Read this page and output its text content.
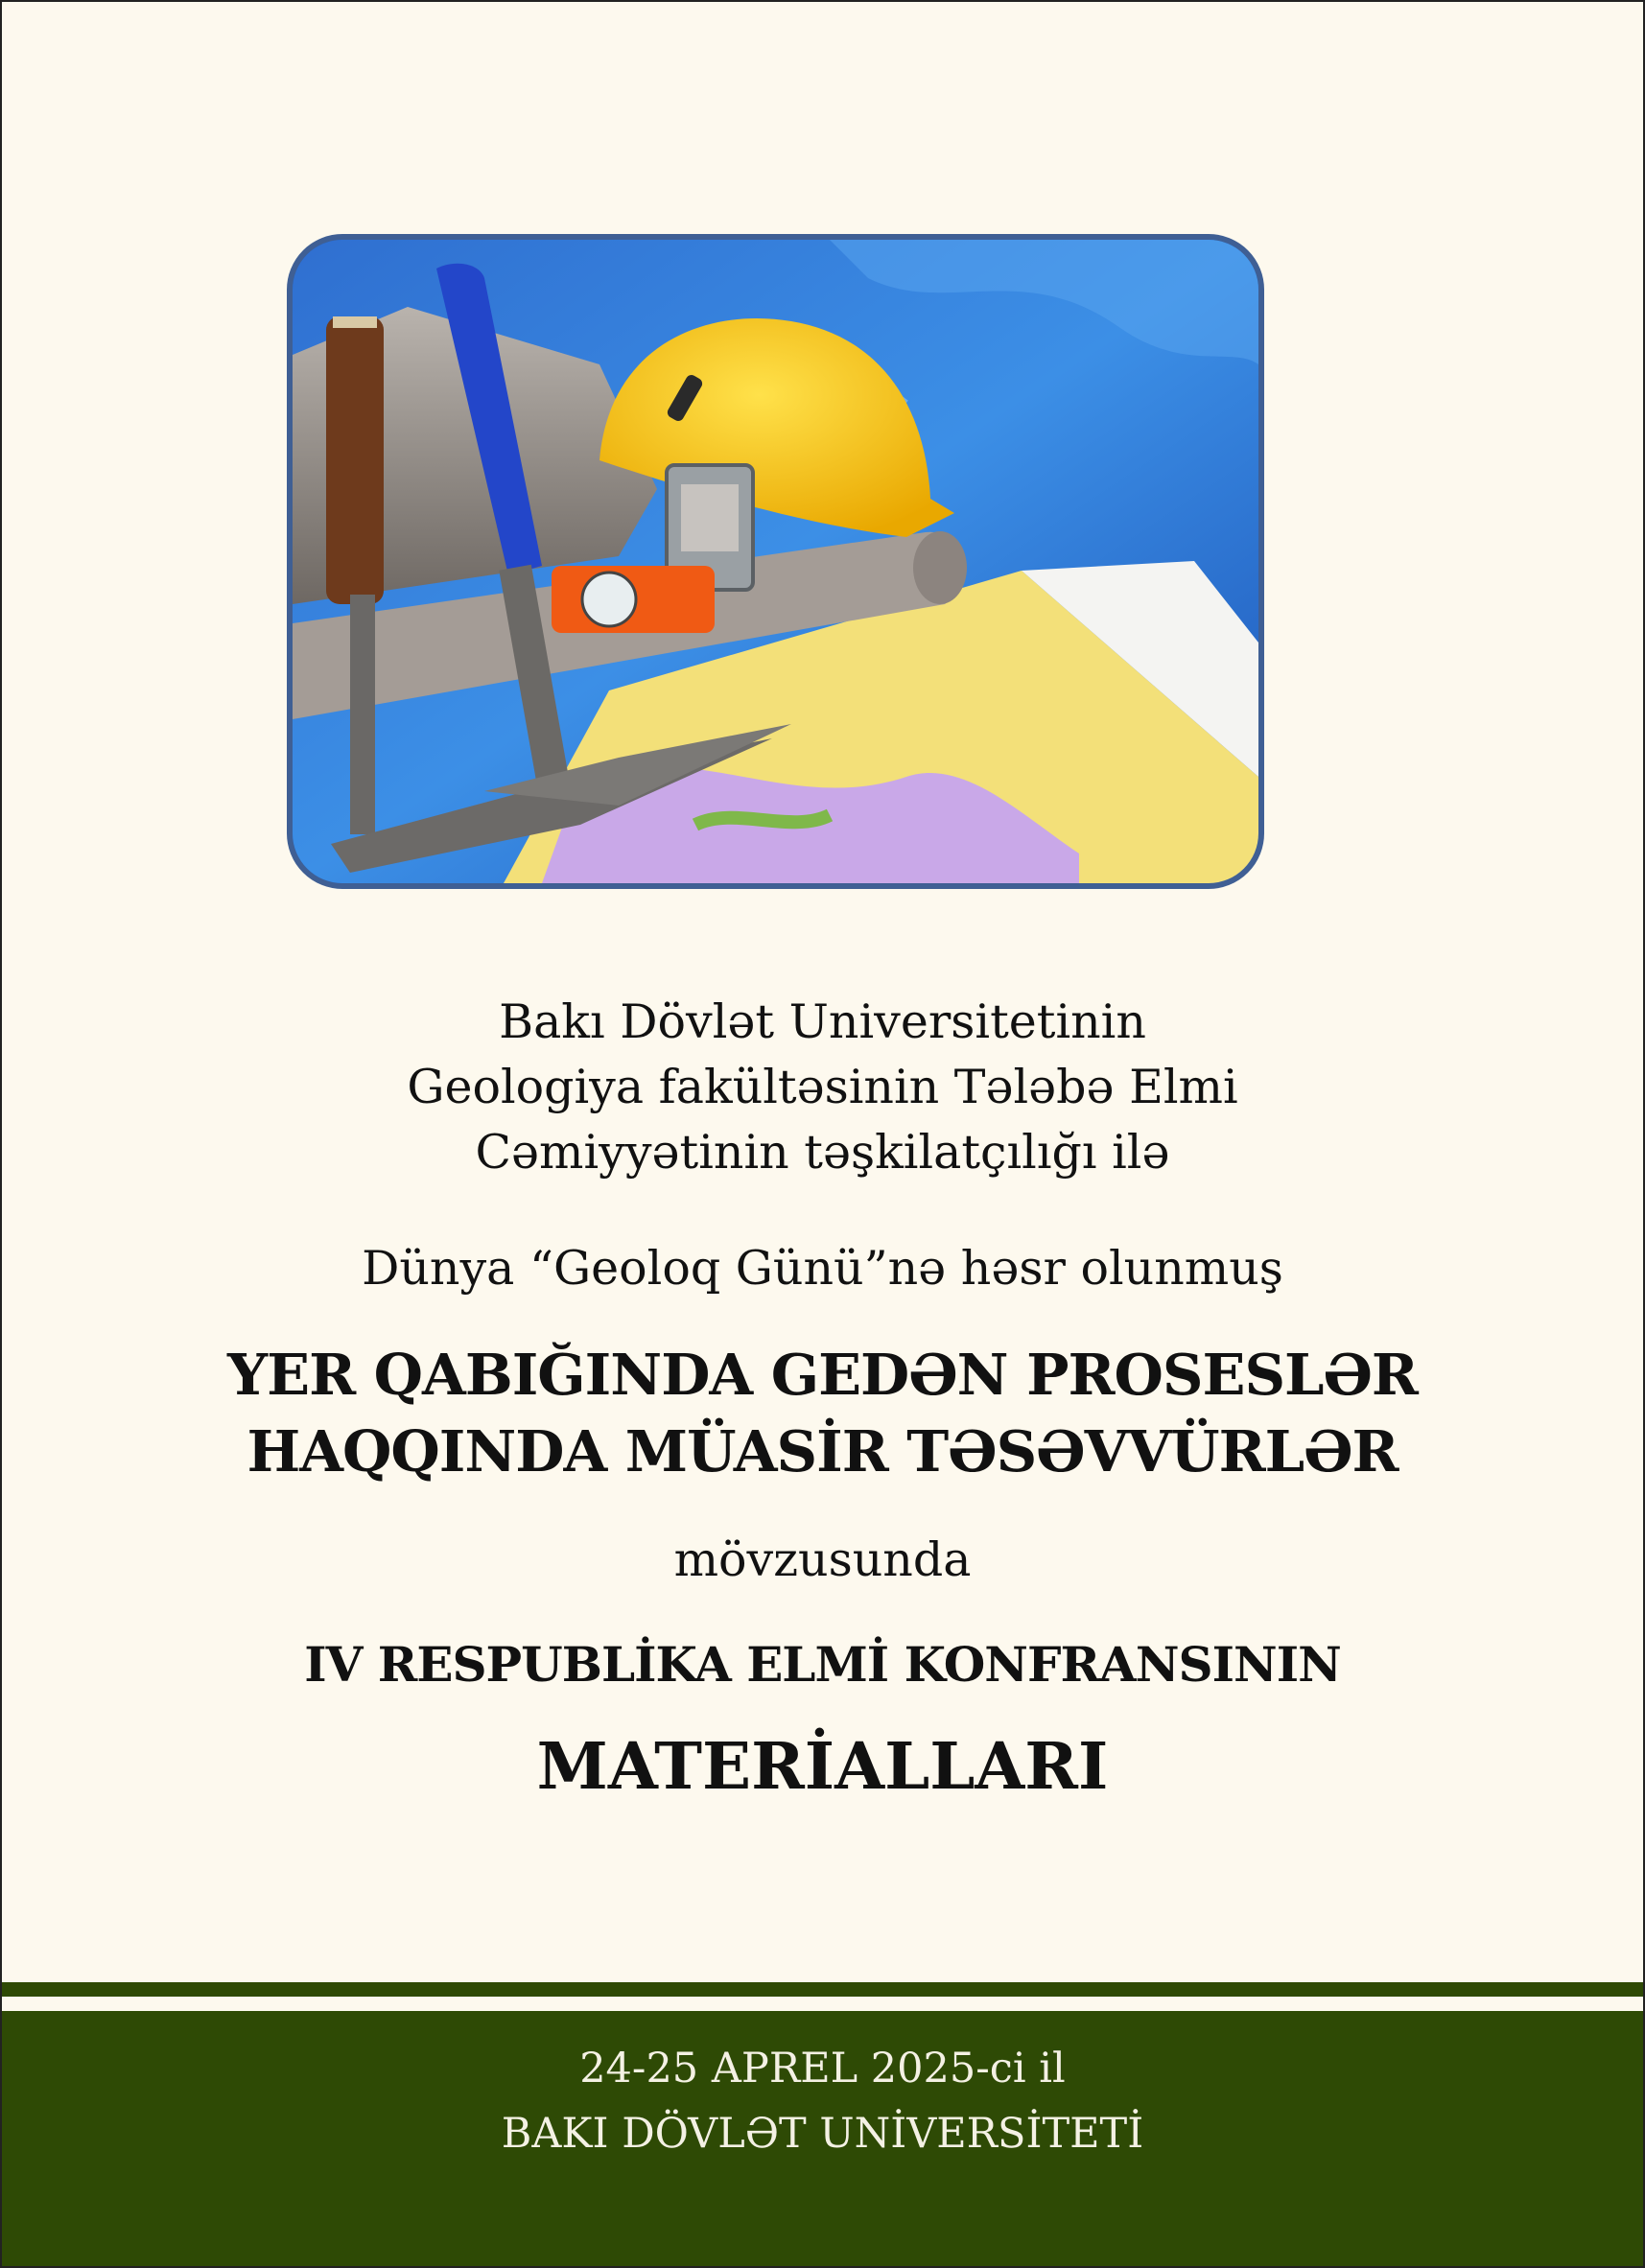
Bakı Dövlət Universitetinin
Geologiya fakültəsinin Tələbə Elmi
Cəmiyyətinin təşkilatçılığı ilə
Dünya “Geoloq Günü”nə həsr olunmuş
YER QABIĞINDA GEDƏN PROSESLƏR
HAQQINDA MÜASİR TƏSƏVVÜRLƏR
mövzusunda
IV RESPUBLİKA ELMİ KONFRANSININ
MATERİALLARI
24-25 APREL 2025-ci il
BAKI DÖVLƏT UNİVERSİTETİ
